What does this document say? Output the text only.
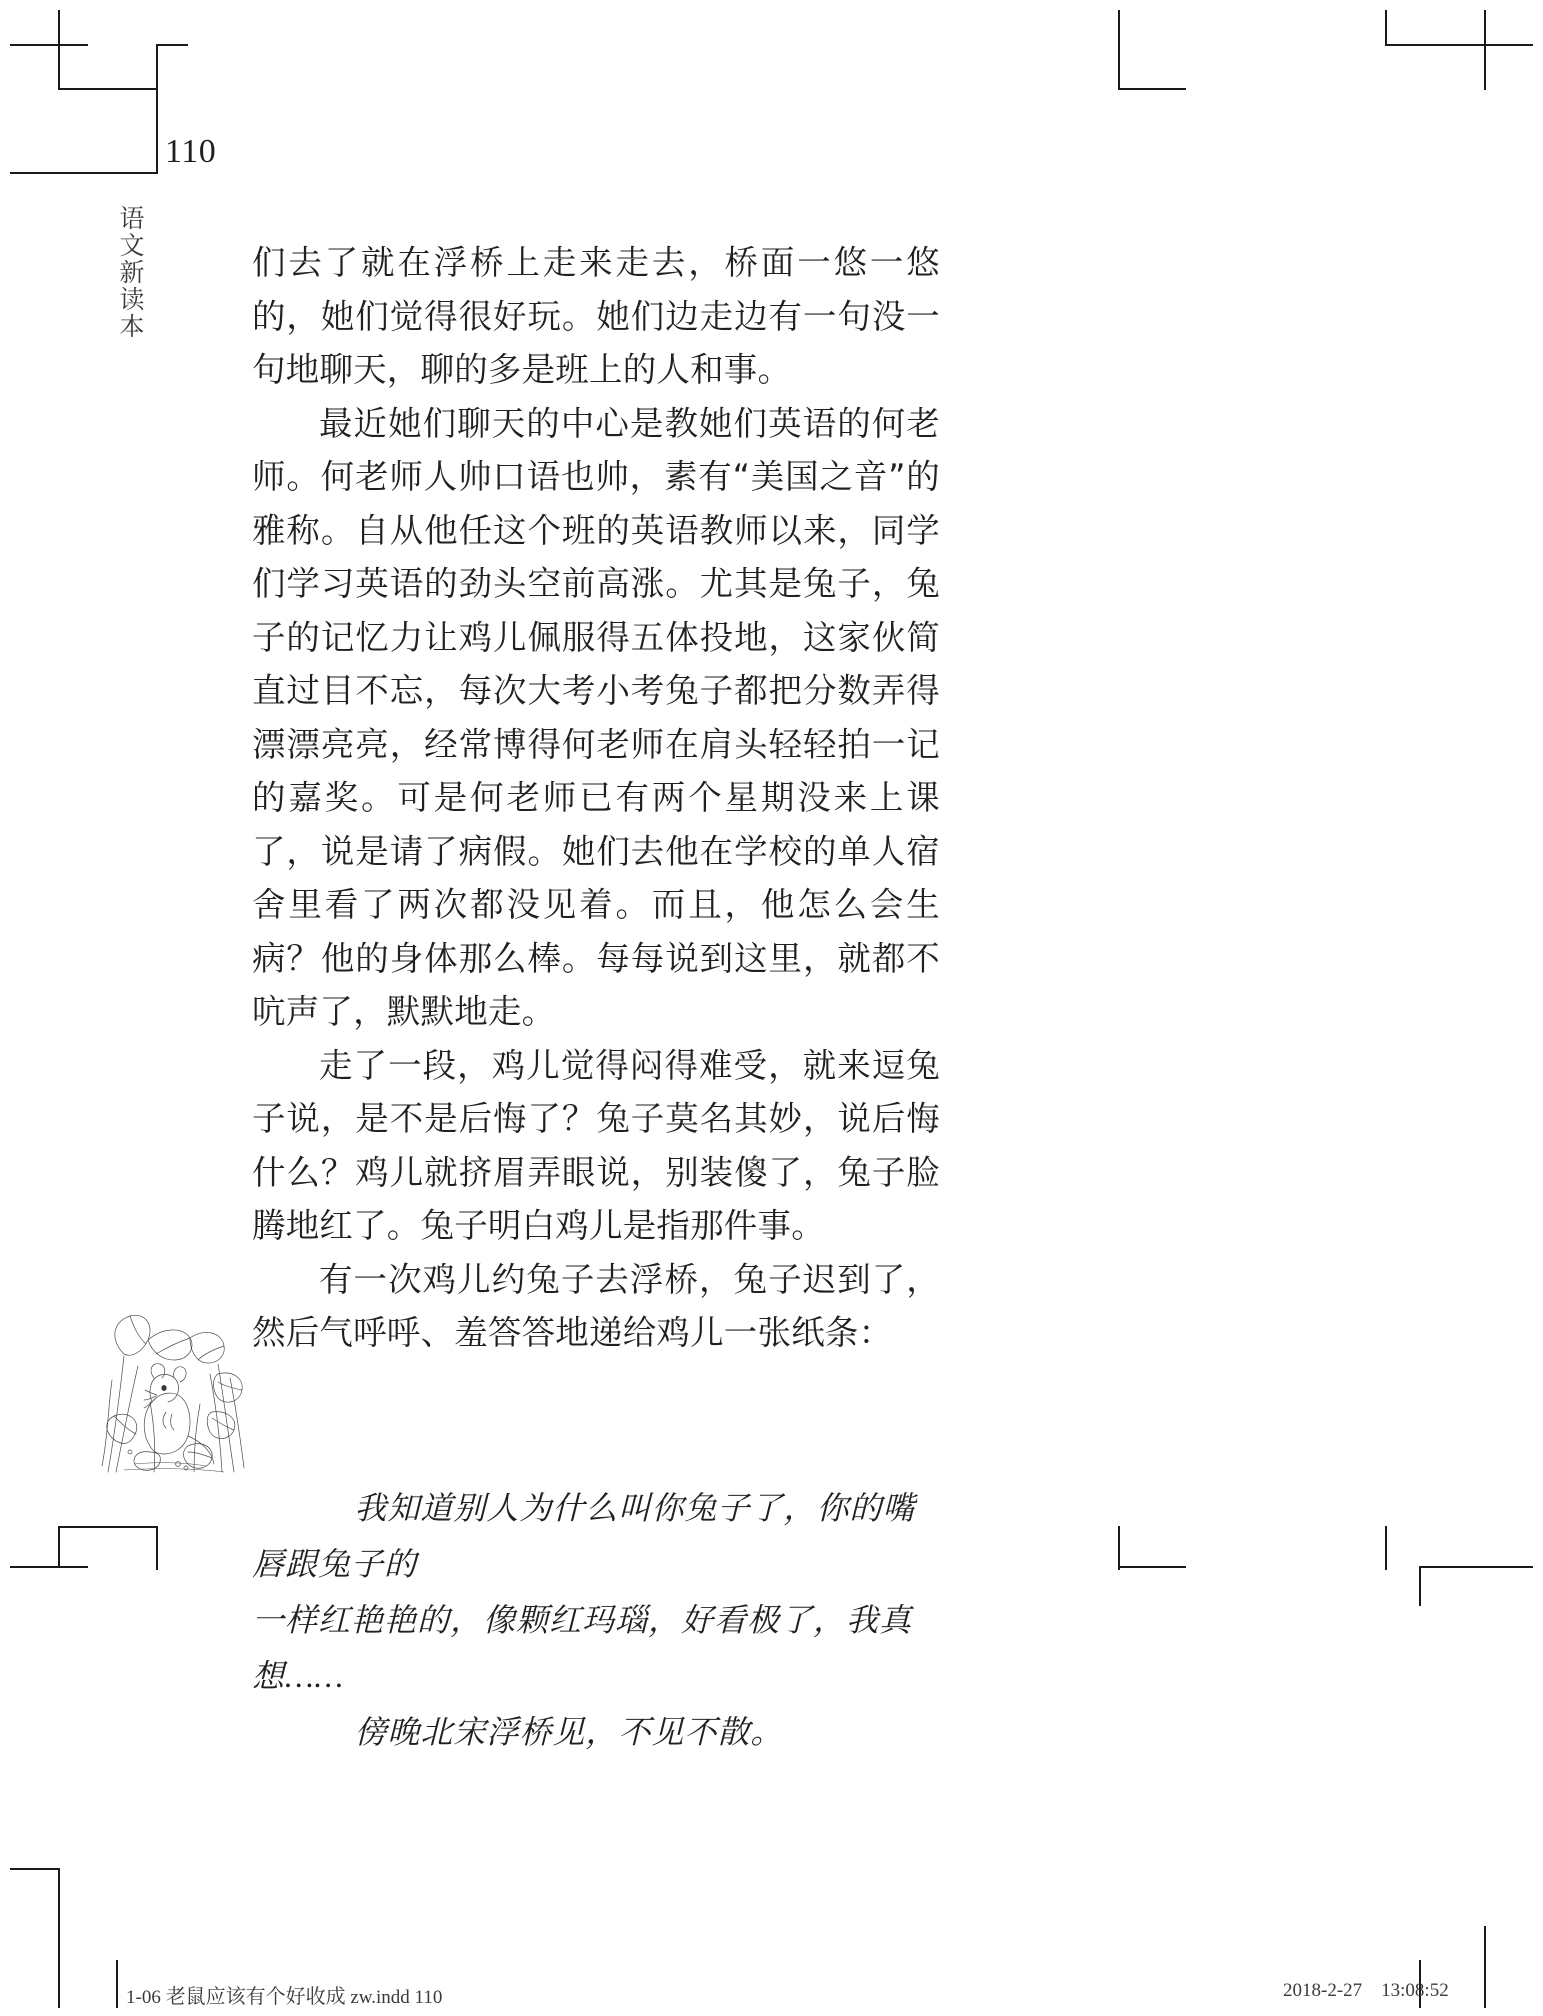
110
语文新读本	们去了就在浮桥上走来走去，桥面一悠一悠的，她们觉得很好玩。她们边走边有一句没一句地聊天，聊的多是班上的人和事。

最近她们聊天的中心是教她们英语的何老师。何老师人帅口语也帅，素有“美国之音”的雅称。自从他任这个班的英语教师以来，同学们学习英语的劲头空前高涨。尤其是兔子，兔子的记忆力让鸡儿佩服得五体投地，这家伙简直过目不忘，每次大考小考兔子都把分数弄得漂漂亮亮，经常博得何老师在肩头轻轻拍一记的嘉奖。可是何老师已有两个星期没来上课了，说是请了病假。她们去他在学校的单人宿舍里看了两次都没见着。而且，他怎么会生病？他的身体那么棒。每每说到这里，就都不吭声了，默默地走。

走了一段，鸡儿觉得闷得难受，就来逗兔子说，是不是后悔了？兔子莫名其妙，说后悔什么？鸡儿就挤眉弄眼说，别装傻了，兔子脸腾地红了。兔子明白鸡儿是指那件事。

有一次鸡儿约兔子去浮桥，兔子迟到了，然后气呼呼、羞答答地递给鸡儿一张纸条：

我知道别人为什么叫你兔子了，你的嘴唇跟兔子的

一样红艳艳的，像颗红玛瑙，好看极了，我真想……

傍晚北宋浮桥见，不见不散。

1-06 老鼠应该有个好收成 zw.indd 110	2018-2-27 13:08:52
